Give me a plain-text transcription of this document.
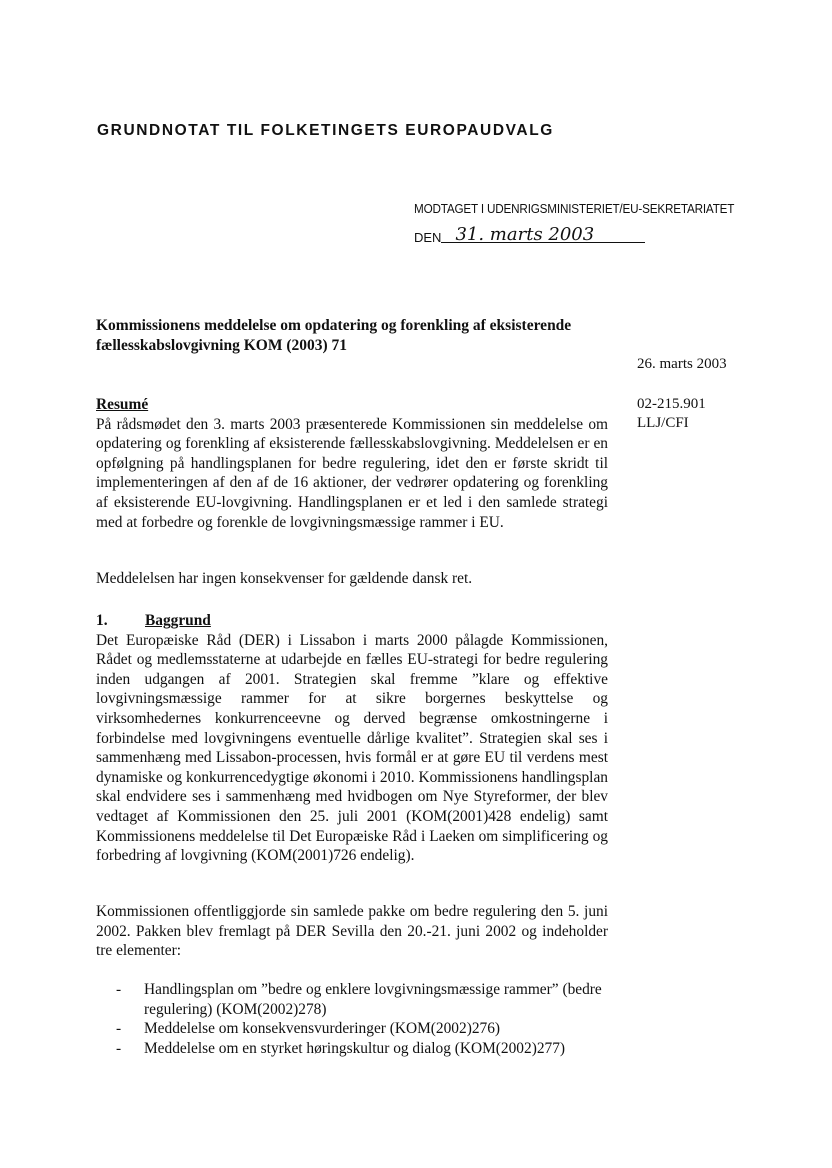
GRUNDNOTAT TIL FOLKETINGETS EUROPAUDVALG
MODTAGET I UDENRIGSMINISTERIET/EU-SEKRETARIATET
DEN 31. marts 2003
Kommissionens meddelelse om opdatering og forenkling af eksisterende fællesskabslovgivning KOM (2003) 71
26. marts 2003
02-215.901
LLJ/CFI
Resumé

På rådsmødet den 3. marts 2003 præsenterede Kommissionen sin meddelelse om opdatering og forenkling af eksisterende fællesskabslovgivning. Meddelelsen er en opfølgning på handlingsplanen for bedre regulering, idet den er første skridt til implementeringen af den af de 16 aktioner, der vedrører opdatering og forenkling af eksisterende EU-lovgivning. Handlingsplanen er et led i den samlede strategi med at forbedre og forenkle de lovgivningsmæssige rammer i EU.

Meddelelsen har ingen konsekvenser for gældende dansk ret.
1. Baggrund

Det Europæiske Råd (DER) i Lissabon i marts 2000 pålagde Kommissionen, Rådet og medlemsstaterne at udarbejde en fælles EU-strategi for bedre regulering inden udgangen af 2001. Strategien skal fremme ”klare og effektive lovgivningsmæssige rammer for at sikre borgernes beskyttelse og virksomhedernes konkurrenceevne og derved begrænse omkostningerne i forbindelse med lovgivningens eventuelle dårlige kvalitet”. Strategien skal ses i sammenhæng med Lissabon-processen, hvis formål er at gøre EU til verdens mest dynamiske og konkurrencedygtige økonomi i 2010. Kommissionens handlingsplan skal endvidere ses i sammenhæng med hvidbogen om Nye Styreformer, der blev vedtaget af Kommissionen den 25. juli 2001 (KOM(2001)428 endelig) samt Kommissionens meddelelse til Det Europæiske Råd i Laeken om simplificering og forbedring af lovgivning (KOM(2001)726 endelig).

Kommissionen offentliggjorde sin samlede pakke om bedre regulering den 5. juni 2002. Pakken blev fremlagt på DER Sevilla den 20.-21. juni 2002 og indeholder tre elementer:
- Handlingsplan om ”bedre og enklere lovgivningsmæssige rammer” (bedre regulering) (KOM(2002)278)
- Meddelelse om konsekvensvurderinger (KOM(2002)276)
- Meddelelse om en styrket høringskultur og dialog (KOM(2002)277)
